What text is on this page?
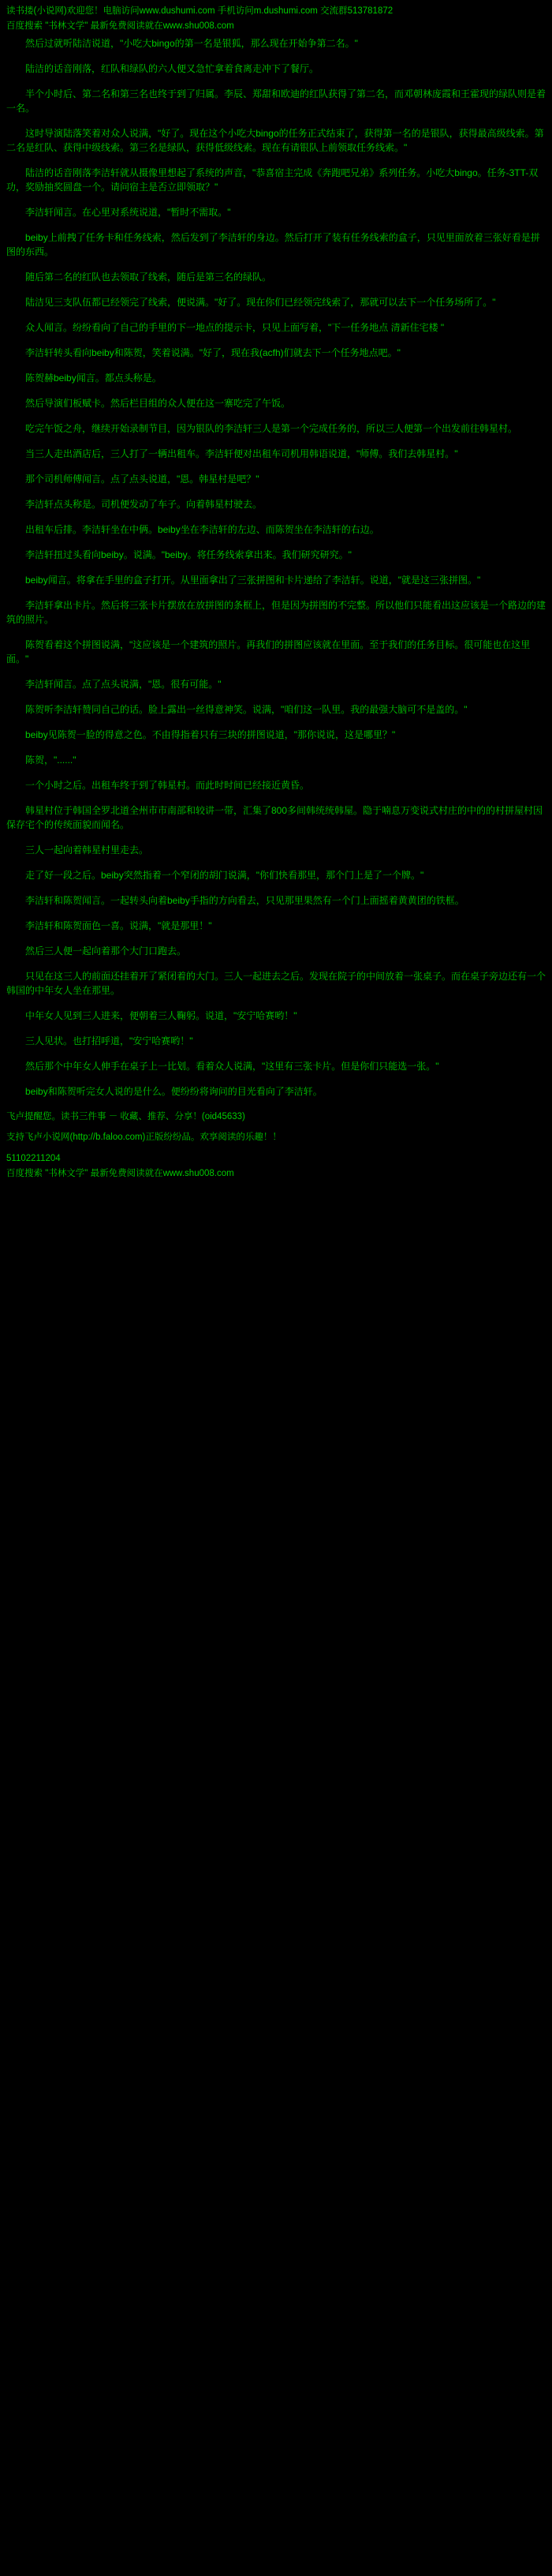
读书搂(小说网)欢迎您！电脑访问www.dushumi.com 手机访问m.dushumi.com 交流群513781872
百度搜索 "书林文学" 最新免费阅读就在www.shu008.com

然后过就听陆洁说道，"小吃大bingo的第一名是银狐，那么现在开始争第二名。"

陆洁的话音刚落，红队和绿队的六人便又急忙拿着食离走冲下了餐厅。

半个小时后、第二名和第三名也终于到了归属。李辰、郑甜和欧迪的红队获得了第二名，而邓朝林庞霞和王霍现的绿队则是着一名。

这时导演陆落笑着对众人说满，"好了。现在这个小吃大bingo的任务正式结束了，获得第一名的是银队，获得最高级线索。第二名是红队、获得中级线索。第三名是绿队，获得低级线索。现在有请银队上前领取任务线索。"

陆洁的话音刚落李洁轩就从摄像里想起了系统的声音，"恭喜宿主完成《奔跑吧兄弟》系列任务。小吃大bingo。任务-3TT-双功，奖励抽奖圆盘一个。请问宿主是否立即领取？"

李洁轩闻言。在心里对系统说道，"暂时不需取。"

beiby上前拽了任务卡和任务线索，然后发到了李洁轩的身边。然后打开了装有任务线索的盒子，只见里面放着三张好看是拼图的东西。

随后第二名的红队也去领取了线索，随后是第三名的绿队。

陆洁见三支队伍都已经领完了线索，便说满。"好了。现在你们已经领完线索了，那就可以去下一个任务场所了。"

众人闻言。纷纷看向了自己的手里的下一地点的提示卡，只见上面写着，"下一任务地点 清新住宅楼 "

李洁轩转头看向beiby和陈贺，笑着说满。"好了，现在我(acfh)们就去下一个任务地点吧。"

陈贺赫beiby闻言。都点头称是。

然后导演们板赋卡。然后栏目组的众人便在这一寨吃完了午饭。

吃完午饭之舟，继续开始录制节目，因为银队的李洁轩三人是第一个完成任务的，所以三人便第一个出发前往韩星村。

当三人走出酒店后，三人打了一辆出租车。李洁轩便对出租车司机用韩语说道，"师傅。我们去韩星村。"

那个司机师傅闻言。点了点头说道，"恩。韩星村是吧？"

李洁轩点头称是。司机便发动了车子。向着韩星村驶去。

出租车后排。李洁轩坐在中俩。beiby坐在李洁轩的左边、而陈贺坐在李洁轩的右边。

李洁轩扭过头看向beiby。说满。"beiby。将任务线索拿出来。我们研究研究。"

beiby闻言。将拿在手里的盒子打开。从里面拿出了三张拼图和卡片递给了李洁轩。说道，"就是这三张拼图。"

李洁轩拿出卡片。然后将三张卡片摆放在放拼图的条框上，但是因为拼图的不完整。所以他们只能看出这应该是一个路边的建筑的照片。

陈贺看着这个拼图说满，"这应该是一个建筑的照片。再我们的拼图应该就在里面。至于我们的任务目标。很可能也在这里面。"

李洁轩闻言。点了点头说满，"恩。很有可能。"

陈贺听李洁轩赞同自己的话。脸上露出一丝得意神笑。说满，"咱们这一队里。我的最强大脑可不是盖的。"

beiby见陈贺一脸的得意之色。不由得指着只有三块的拼图说道，"那你说说，这是哪里？"

陈贺，"......"

一个小时之后。出租车终于到了韩星村。而此时时间已经接近黄昏。

韩星村位于韩国全罗北道全州市市南部和较讲一带，汇集了800多间韩统统韩屋。隐于喃息万变说式村庄的中的的村拼屋村因保存宅个的传统面貌而闻名。

三人一起向着韩星村里走去。

走了好一段之后。beiby突然指着一个窄闭的胡门说满，"你们快看那里，那个门上是了一个牌。"

李洁轩和陈贺闻言。一起转头向着beiby手指的方向看去，只见那里果然有一个门上面摇着黄黄团的铁框。

李洁轩和陈贺面色一喜。说满，"就是那里！"

然后三人便一起向着那个大门口跑去。

只见在这三人的前面还挂着开了紧闭着的大门。三人一起进去之后。发现在院子的中间放着一张桌子。而在桌子旁边还有一个韩国的中年女人坐在那里。

中年女人见到三人进来，便朝着三人鞠躬。说道，"安宁哈赛哟！"

三人见状。也打招呼道，"安宁哈赛哟！"

然后那个中年女人伸手在桌子上一比划。看着众人说满，"这里有三张卡片。但是你们只能选一张。"

beiby和陈贺听完女人说的是什么。便纷纷将询问的目光看向了李洁轩。

飞卢提醒您。读书三件事 － 收藏、推荐、分享！(oid45633)
支持飞卢小说网(http://b.faloo.com)正版纷纷品。欢享阅读的乐趣！！
51102211204
百度搜索 "书林文学" 最新免费阅读就在www.shu008.com
